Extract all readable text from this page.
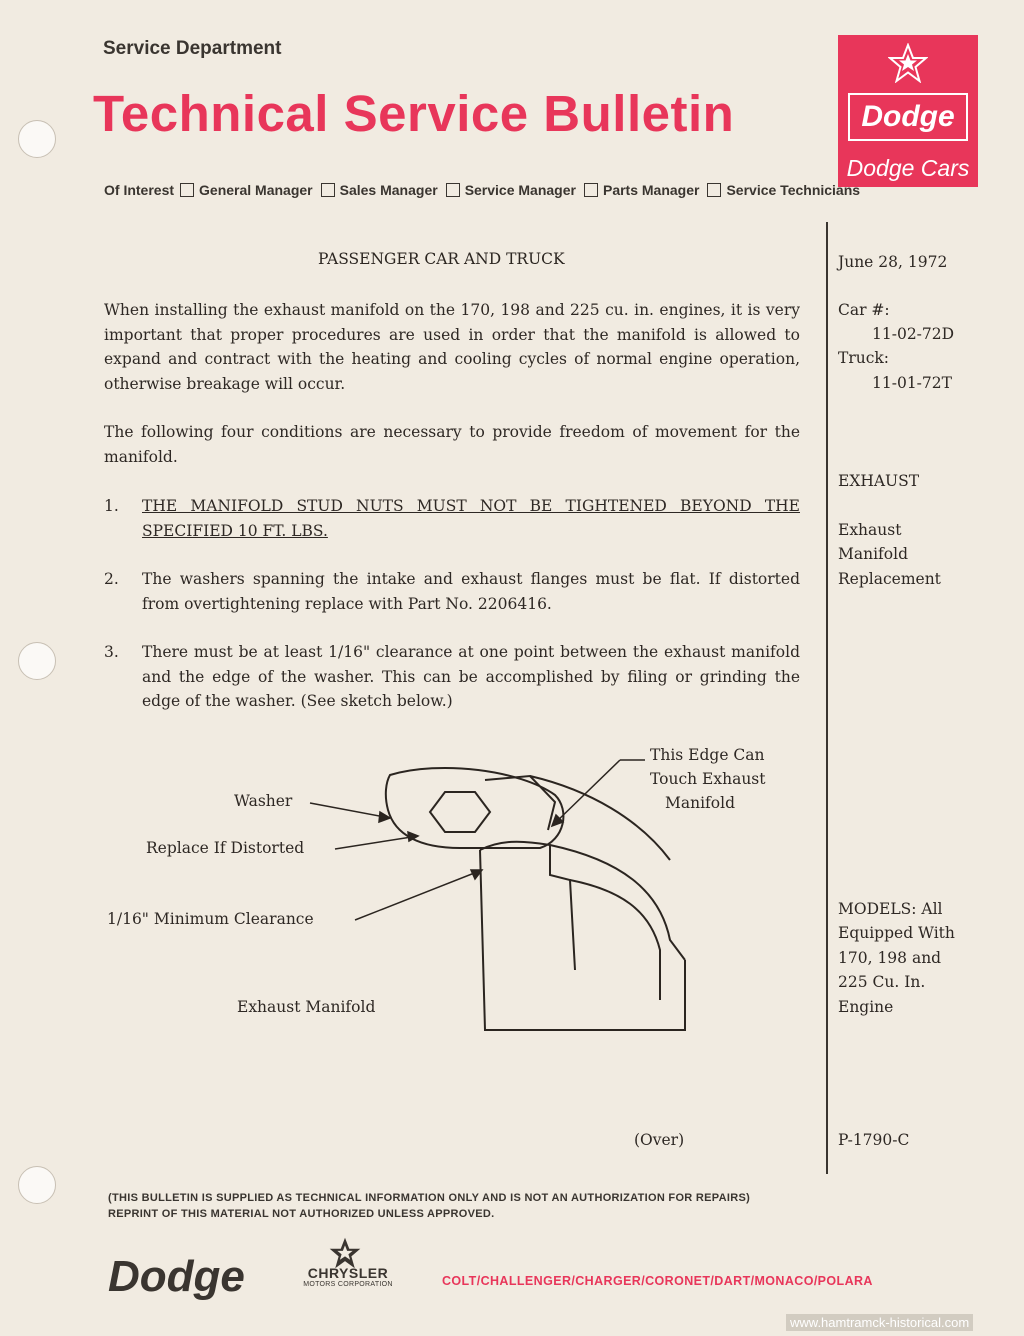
Service Department
Technical Service Bulletin	Dodge
Dodge Cars
Of Interest General Manager Sales Manager Service Manager Parts Manager Service Technicians
PASSENGER CAR AND TRUCK
When installing the exhaust manifold on the 170, 198 and 225 cu. in. engines, it is very important that proper procedures are used in order that the manifold is allowed to expand and contract with the heating and cooling cycles of normal engine operation, otherwise breakage will occur.
The following four conditions are necessary to provide freedom of movement for the manifold.
1. THE MANIFOLD STUD NUTS MUST NOT BE TIGHTENED BEYOND THE SPECIFIED 10 FT. LBS.
2. The washers spanning the intake and exhaust flanges must be flat. If distorted from overtightening replace with Part No. 2206416.
3. There must be at least 1/16" clearance at one point between the exhaust manifold and the edge of the washer. This can be accomplished by filing or grinding the edge of the washer. (See sketch below.)
This Edge Can
Touch Exhaust
Manifold
Washer
Replace If Distorted
1/16" Minimum Clearance
Exhaust Manifold
(Over)
June 28, 1972
Car #:
11-02-72D
Truck:
11-01-72T
EXHAUST
Exhaust
Manifold
Replacement
MODELS: All
Equipped With
170, 198 and
225 Cu. In.
Engine
P-1790-C
(THIS BULLETIN IS SUPPLIED AS TECHNICAL INFORMATION ONLY AND IS NOT AN AUTHORIZATION FOR REPAIRS)
REPRINT OF THIS MATERIAL NOT AUTHORIZED UNLESS APPROVED.
Dodge	CHRYSLER
MOTORS CORPORATION	COLT/CHALLENGER/CHARGER/CORONET/DART/MONACO/POLARA
www.hamtramck-historical.com
